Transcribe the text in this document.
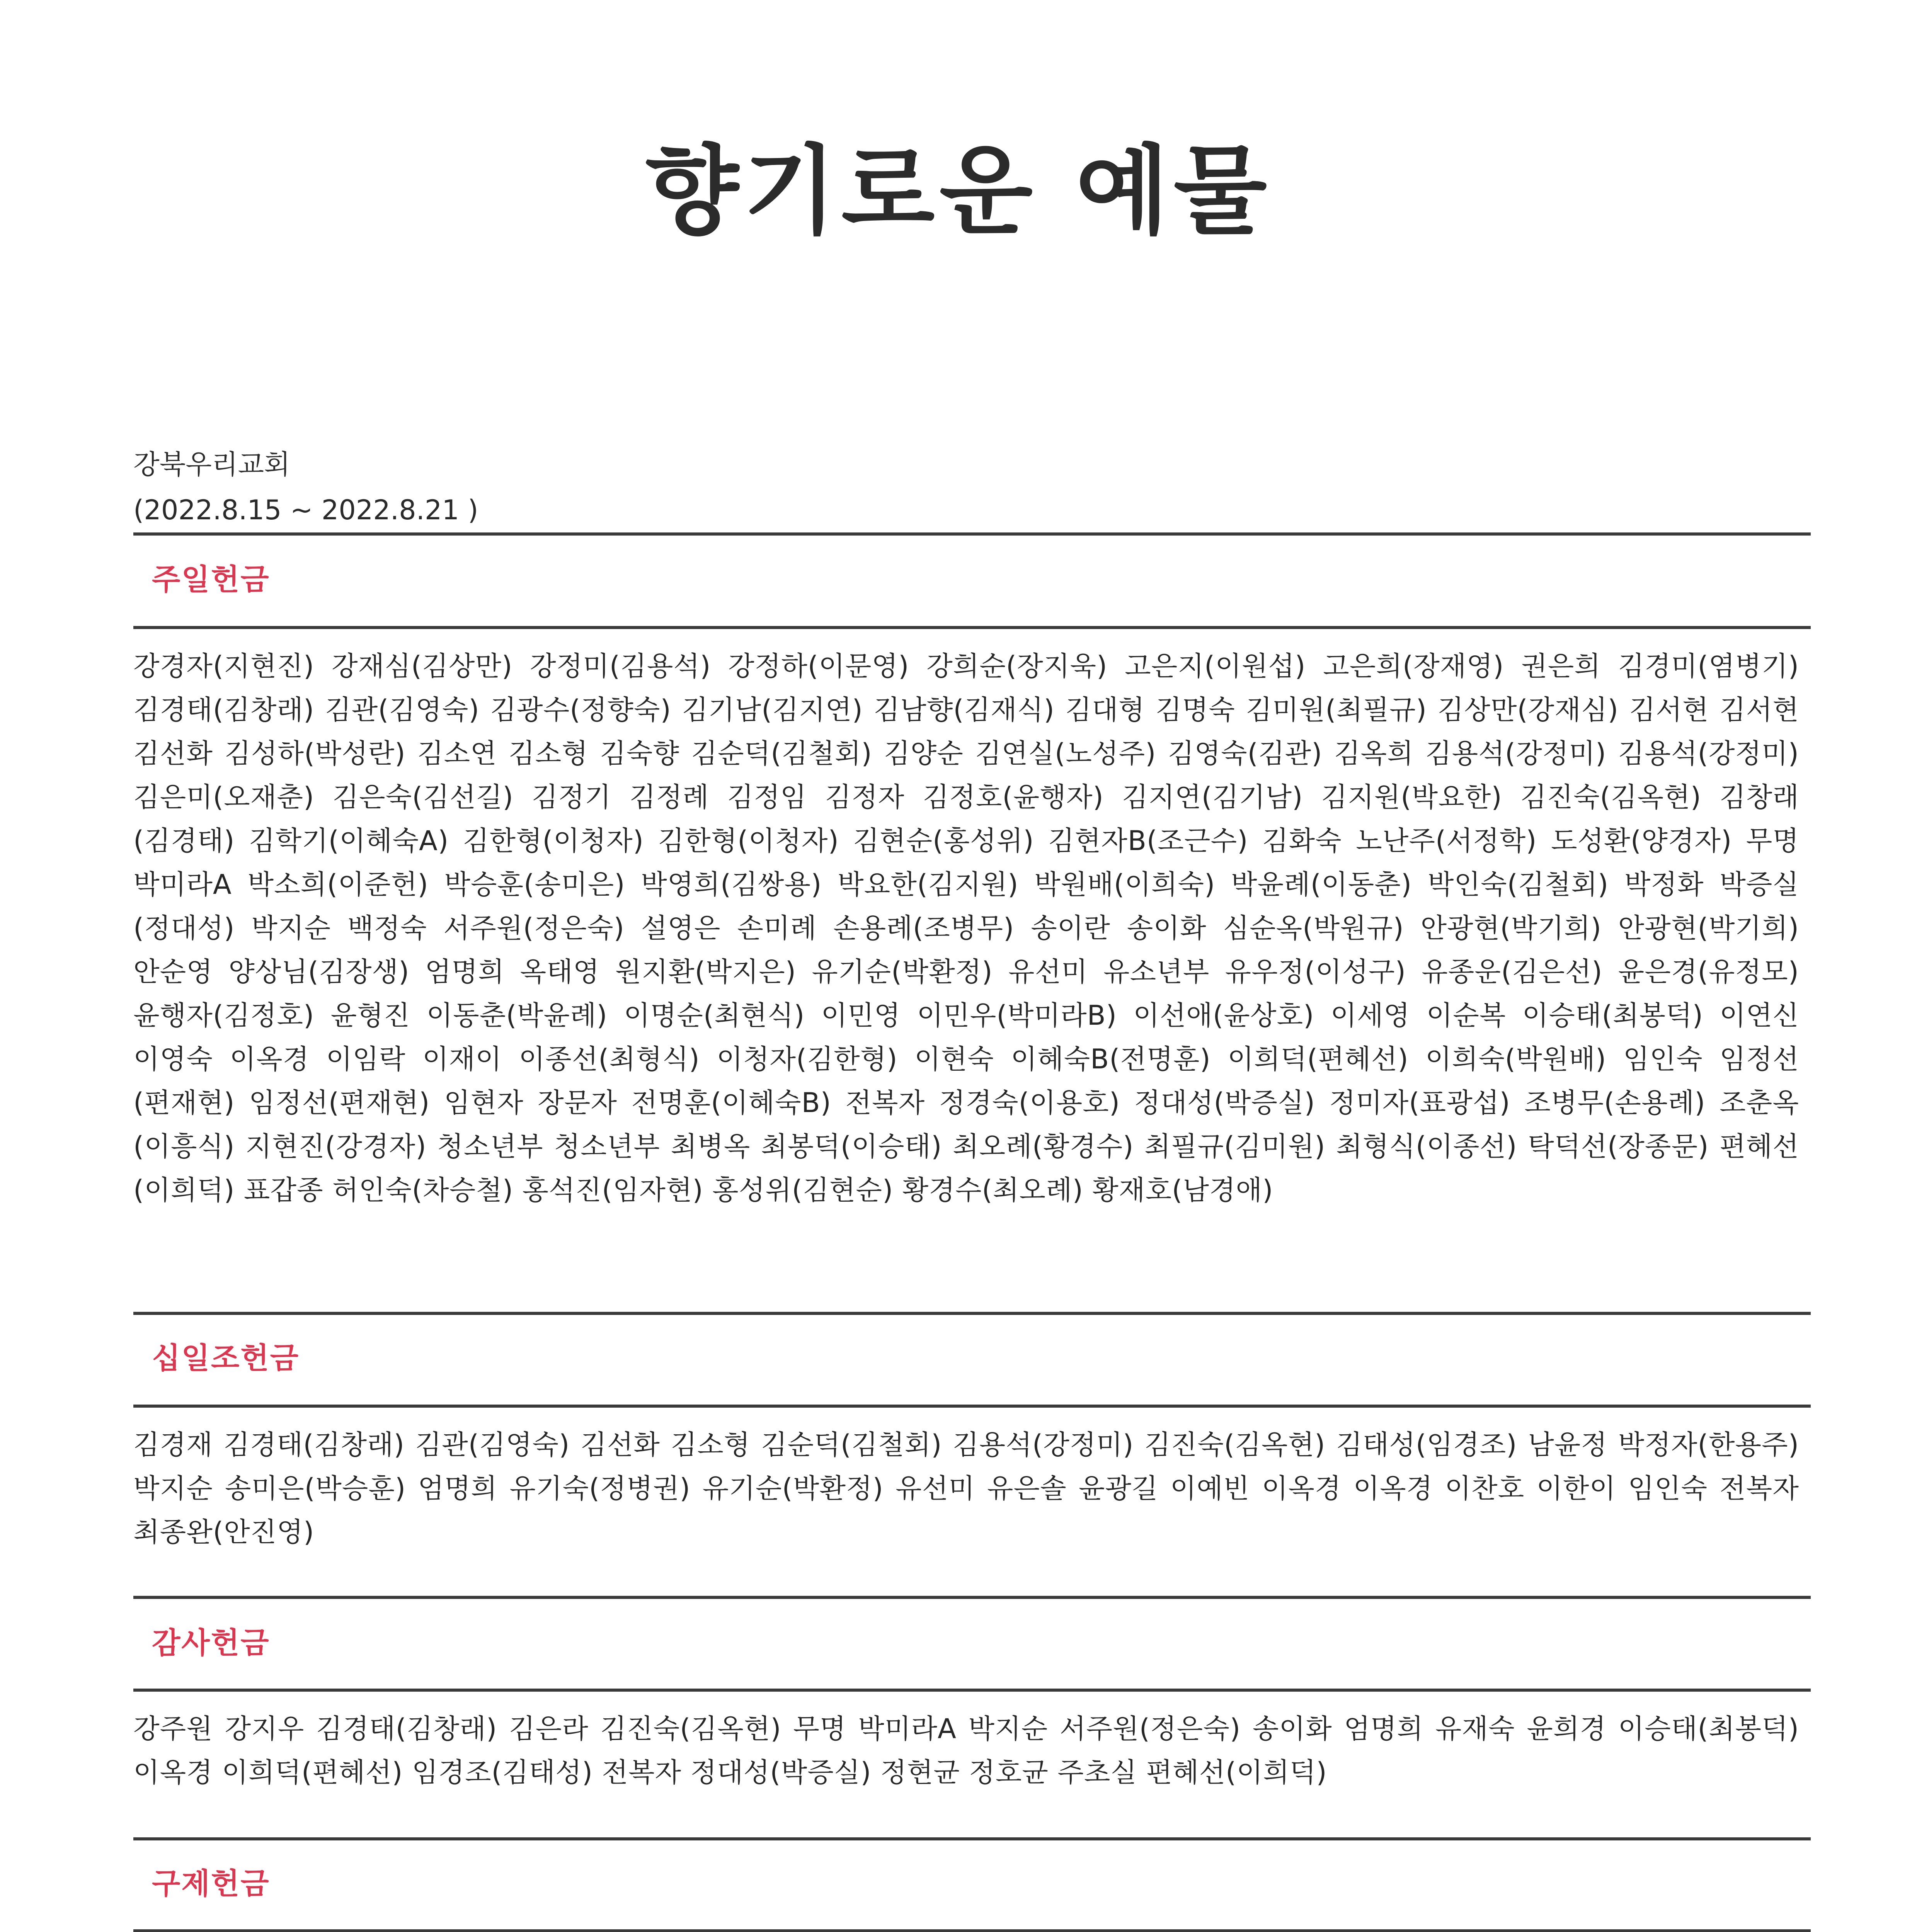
향기로운 예물
강북우리교회
(2022.8.15 ~ 2022.8.21 )
주일헌금
강경자(지현진) 강재심(김상만) 강정미(김용석) 강정하(이문영) 강희순(장지욱) 고은지(이원섭) 고은희(장재영) 권은희 김경미(염병기) 김경태(김창래) 김관(김영숙) 김광수(정향숙) 김기남(김지연) 김남향(김재식) 김대형 김명숙 김미원(최필규) 김상만(강재심) 김서현 김서현 김선화 김성하(박성란) 김소연 김소형 김숙향 김순덕(김철회) 김양순 김연실(노성주) 김영숙(김관) 김옥희 김용석(강정미) 김용석(강정미) 김은미(오재춘) 김은숙(김선길) 김정기 김정례 김정임 김정자 김정호(윤행자) 김지연(김기남) 김지원(박요한) 김진숙(김옥현) 김창래(김경태) 김학기(이혜숙A) 김한형(이청자) 김한형(이청자) 김현순(홍성위) 김현자B(조근수) 김화숙 노난주(서정학) 도성환(양경자) 무명 박미라A 박소희(이준헌) 박승훈(송미은) 박영희(김쌍용) 박요한(김지원) 박원배(이희숙) 박윤례(이동춘) 박인숙(김철회) 박정화 박증실(정대성) 박지순 백정숙 서주원(정은숙) 설영은 손미례 손용례(조병무) 송이란 송이화 심순옥(박원규) 안광현(박기희) 안광현(박기희) 안순영 양상님(김장생) 엄명희 옥태영 원지환(박지은) 유기순(박환정) 유선미 유소년부 유우정(이성구) 유종운(김은선) 윤은경(유정모) 윤행자(김정호) 윤형진 이동춘(박윤례) 이명순(최현식) 이민영 이민우(박미라B) 이선애(윤상호) 이세영 이순복 이승태(최봉덕) 이연신 이영숙 이옥경 이임락 이재이 이종선(최형식) 이청자(김한형) 이현숙 이혜숙B(전명훈) 이희덕(편혜선) 이희숙(박원배) 임인숙 임정선(편재현) 임정선(편재현) 임현자 장문자 전명훈(이혜숙B) 전복자 정경숙(이용호) 정대성(박증실) 정미자(표광섭) 조병무(손용례) 조춘옥(이흥식) 지현진(강경자) 청소년부 청소년부 최병옥 최봉덕(이승태) 최오례(황경수) 최필규(김미원) 최형식(이종선) 탁덕선(장종문) 편혜선(이희덕) 표갑종 허인숙(차승철) 홍석진(임자현) 홍성위(김현순) 황경수(최오례) 황재호(남경애)
십일조헌금
김경재 김경태(김창래) 김관(김영숙) 김선화 김소형 김순덕(김철회) 김용석(강정미) 김진숙(김옥현) 김태성(임경조) 남윤정 박정자(한용주) 박지순 송미은(박승훈) 엄명희 유기숙(정병권) 유기순(박환정) 유선미 유은솔 윤광길 이예빈 이옥경 이옥경 이찬호 이한이 임인숙 전복자 최종완(안진영)
감사헌금
강주원 강지우 김경태(김창래) 김은라 김진숙(김옥현) 무명 박미라A 박지순 서주원(정은숙) 송이화 엄명희 유재숙 윤희경 이승태(최봉덕) 이옥경 이희덕(편혜선) 임경조(김태성) 전복자 정대성(박증실) 정현균 정호균 주초실 편혜선(이희덕)
구제헌금
